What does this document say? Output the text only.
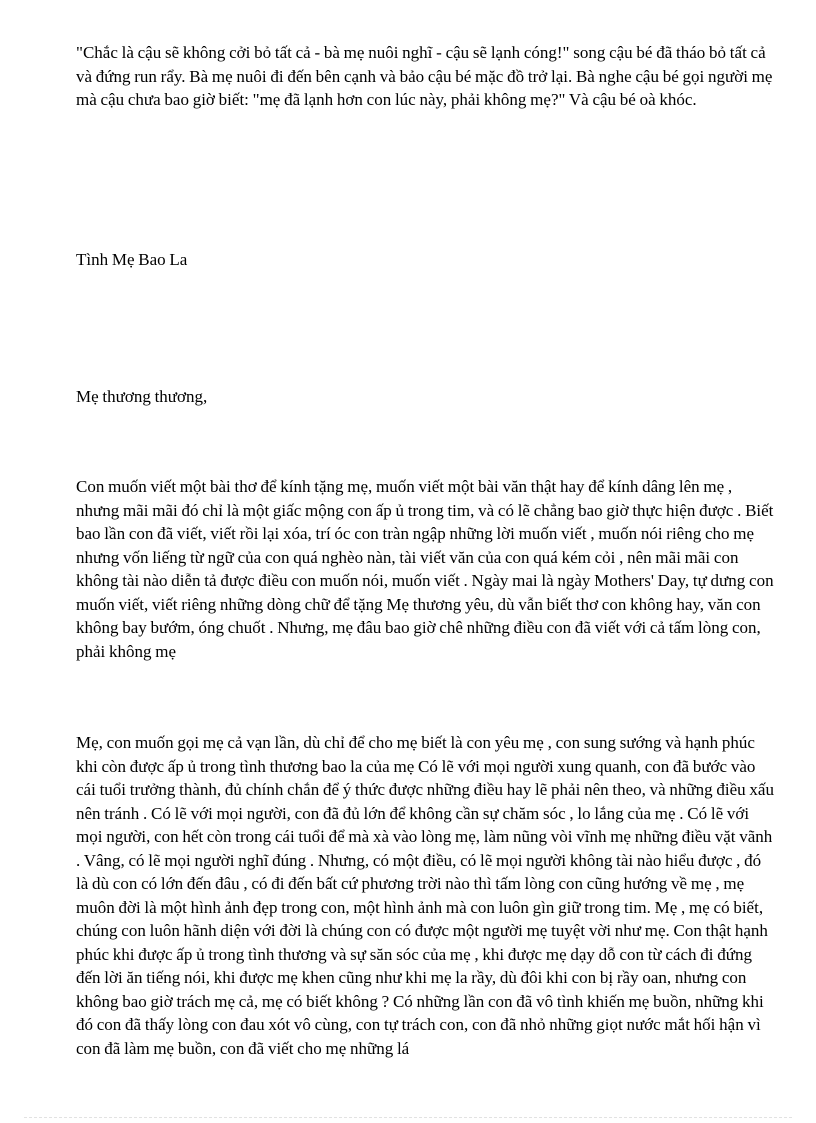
"Chắc là cậu sẽ không cởi bỏ tất cả - bà mẹ nuôi nghĩ - cậu sẽ lạnh cóng!" song cậu bé đã tháo bỏ tất cả và đứng run rẩy. Bà mẹ nuôi đi đến bên cạnh và bảo cậu bé mặc đồ trở lại. Bà nghe cậu bé gọi người mẹ mà cậu chưa bao giờ biết: "mẹ đã lạnh hơn con lúc này, phải không mẹ?" Và cậu bé oà khóc.

Tình Mẹ Bao La

Mẹ thương thương,

Con muốn viết một bài thơ để kính tặng mẹ, muốn viết một bài văn thật hay để kính dâng lên mẹ , nhưng mãi mãi đó chỉ là một giấc mộng con ấp ủ trong tim, và có lẽ chẳng bao giờ thực hiện được . Biết bao lần con đã viết, viết rồi lại xóa, trí óc con tràn ngập những lời muốn viết , muốn nói riêng cho mẹ nhưng vốn liếng từ ngữ của con quá nghèo nàn, tài viết văn của con quá kém cỏi , nên mãi mãi con không tài nào diễn tả được điều con muốn nói, muốn viết . Ngày mai là ngày Mothers' Day, tự dưng con muốn viết, viết riêng những dòng chữ để tặng Mẹ thương yêu, dù vẫn biết thơ con không hay, văn con không bay bướm, óng chuốt . Nhưng, mẹ đâu bao giờ chê những điều con đã viết với cả tấm lòng con, phải không mẹ

Mẹ, con muốn gọi mẹ cả vạn lần, dù chỉ để cho mẹ biết là con yêu mẹ , con sung sướng và hạnh phúc khi còn được ấp ủ trong tình thương bao la của mẹ Có lẽ với mọi người xung quanh, con đã bước vào cái tuổi trưởng thành, đủ chính chắn để ý thức được những điều hay lẽ phải nên theo, và những điều xấu nên tránh . Có lẽ với mọi người, con đã đủ lớn để không cần sự chăm sóc , lo lắng của mẹ . Có lẽ với mọi người, con hết còn trong cái tuổi để mà xà vào lòng mẹ, làm nũng vòi vĩnh mẹ những điều vặt vãnh . Vâng, có lẽ mọi người nghĩ đúng . Nhưng, có một điều, có lẽ mọi người không tài nào hiểu được , đó là dù con có lớn đến đâu , có đi đến bất cứ phương trời nào thì tấm lòng con cũng hướng về mẹ , mẹ muôn đời là một hình ảnh đẹp trong con, một hình ảnh mà con luôn gìn giữ trong tim. Mẹ , mẹ có biết, chúng con luôn hãnh diện với đời là chúng con có được một người mẹ tuyệt vời như mẹ. Con thật hạnh phúc khi được ấp ủ trong tình thương và sự săn sóc của mẹ , khi được mẹ dạy dỗ con từ cách đi đứng đến lời ăn tiếng nói, khi được mẹ khen cũng như khi mẹ la rầy, dù đôi khi con bị rầy oan, nhưng con không bao giờ trách mẹ cả, mẹ có biết không ? Có những lần con đã vô tình khiến mẹ buồn, những khi đó con đã thấy lòng con đau xót vô cùng, con tự trách con, con đã nhỏ những giọt nước mắt hối hận vì con đã làm mẹ buồn, con đã viết cho mẹ những lá
